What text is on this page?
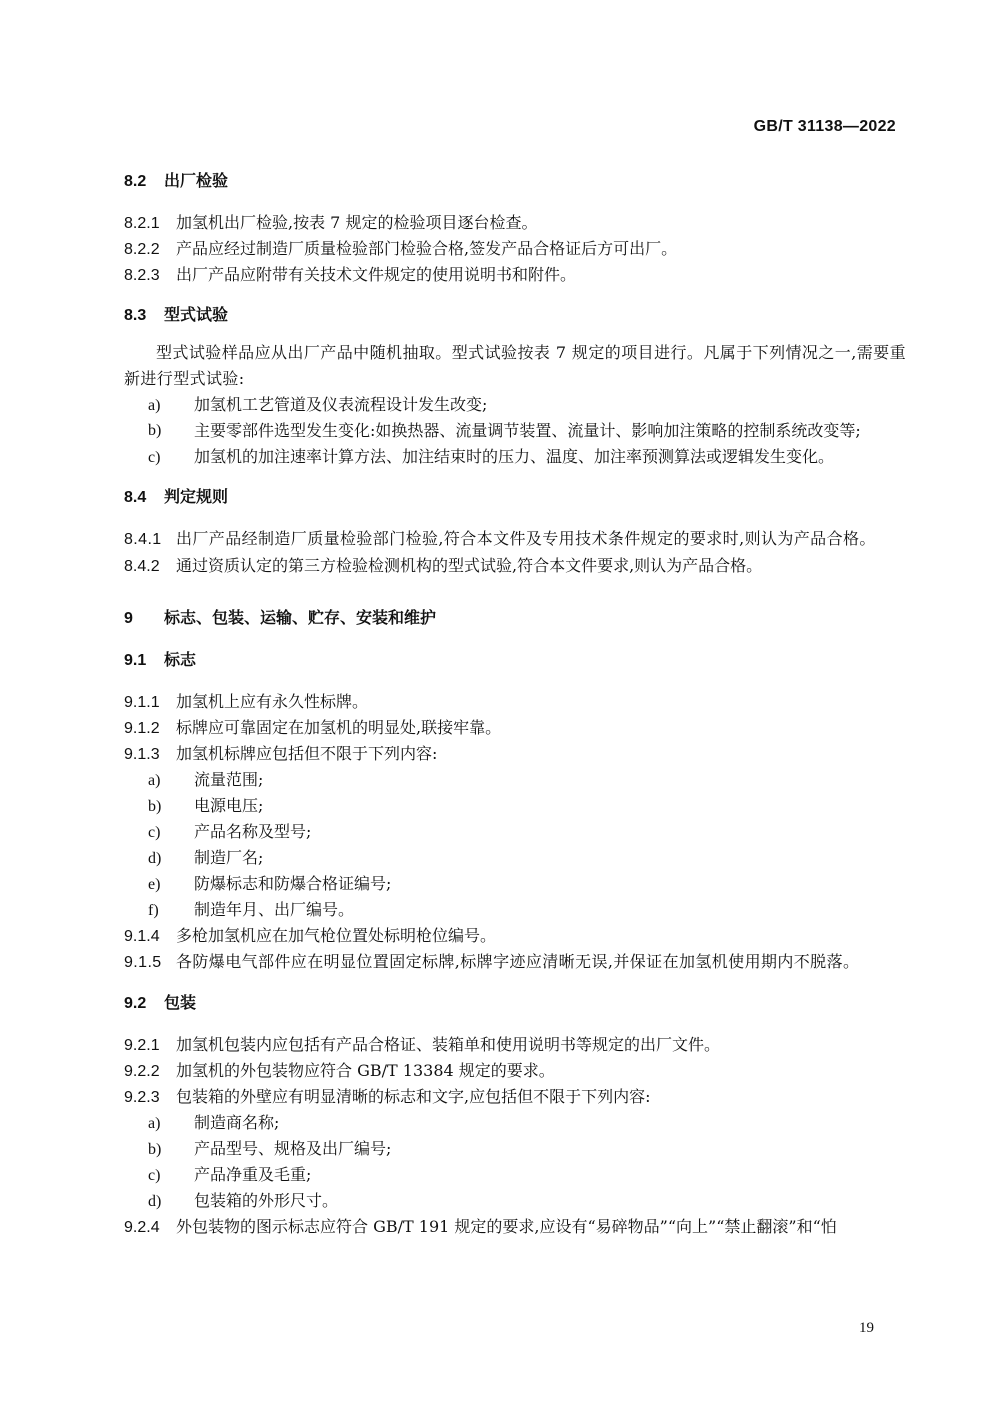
GB/T 31138—2022
8.2	出厂检验
8.2.1	加氢机出厂检验,按表 7 规定的检验项目逐台检查。
8.2.2	产品应经过制造厂质量检验部门检验合格,签发产品合格证后方可出厂。
8.2.3	出厂产品应附带有关技术文件规定的使用说明书和附件。
8.3	型式试验
型式试验样品应从出厂产品中随机抽取。型式试验按表 7 规定的项目进行。凡属于下列情况之一,需要重新进行型式试验:
a)	加氢机工艺管道及仪表流程设计发生改变;
b)	主要零部件选型发生变化:如换热器、流量调节装置、流量计、影响加注策略的控制系统改变等;
c)	加氢机的加注速率计算方法、加注结束时的压力、温度、加注率预测算法或逻辑发生变化。
8.4	判定规则
8.4.1 出厂产品经制造厂质量检验部门检验,符合本文件及专用技术条件规定的要求时,则认为产品合格。
8.4.2	通过资质认定的第三方检验检测机构的型式试验,符合本文件要求,则认为产品合格。
9	标志、包装、运输、贮存、安装和维护
9.1	标志
9.1.1	加氢机上应有永久性标牌。
9.1.2	标牌应可靠固定在加氢机的明显处,联接牢靠。
9.1.3	加氢机标牌应包括但不限于下列内容:
a)	流量范围;
b)	电源电压;
c)	产品名称及型号;
d)	制造厂名;
e)	防爆标志和防爆合格证编号;
f)	制造年月、出厂编号。
9.1.4	多枪加氢机应在加气枪位置处标明枪位编号。
9.1.5 各防爆电气部件应在明显位置固定标牌,标牌字迹应清晰无误,并保证在加氢机使用期内不脱落。
9.2	包装
9.2.1	加氢机包装内应包括有产品合格证、装箱单和使用说明书等规定的出厂文件。
9.2.2	加氢机的外包装物应符合 GB/T 13384 规定的要求。
9.2.3	包装箱的外壁应有明显清晰的标志和文字,应包括但不限于下列内容:
a)	制造商名称;
b)	产品型号、规格及出厂编号;
c)	产品净重及毛重;
d)	包装箱的外形尺寸。
9.2.4	外包装物的图示标志应符合 GB/T 191 规定的要求,应设有“易碎物品”“向上”“禁止翻滚”和“怕
19
